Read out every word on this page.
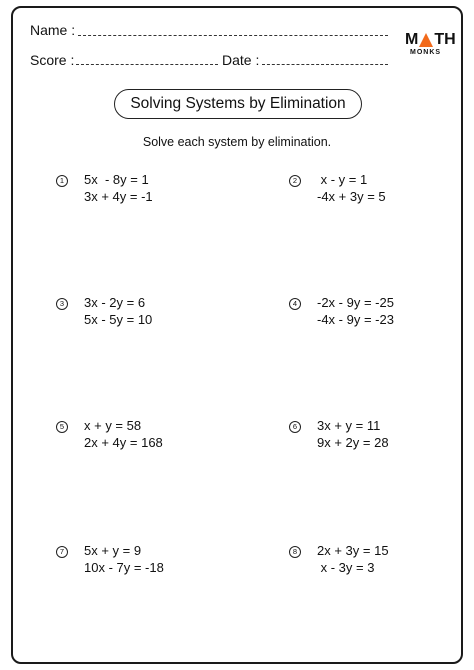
Name :
Score :	Date :
M TH
MONKS
Solving Systems by Elimination
Solve each system by elimination.
1	5x  - 8y = 1
3x + 4y = -1
2	x - y = 1
-4x + 3y = 5
3	3x - 2y = 6
5x - 5y = 10
4	-2x - 9y = -25
-4x - 9y = -23
5	x + y = 58
2x + 4y = 168
6	3x + y = 11
9x + 2y = 28
7	5x + y = 9
10x - 7y = -18
8	2x + 3y = 15
x - 3y = 3
